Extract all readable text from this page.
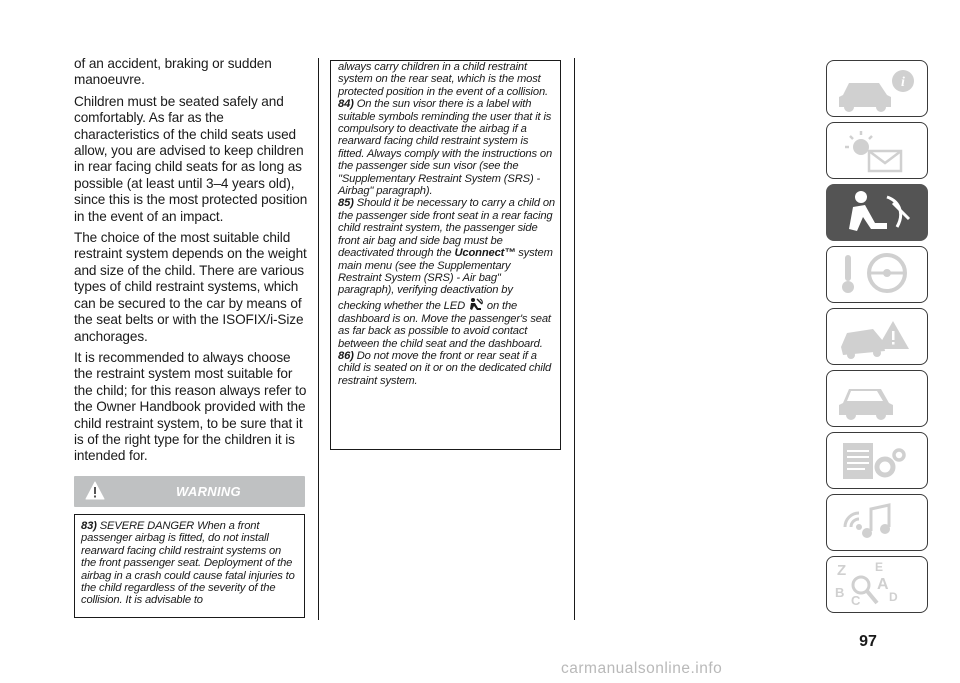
of an accident, braking or sudden manoeuvre.

Children must be seated safely and comfortably. As far as the characteristics of the child seats used allow, you are advised to keep children in rear facing child seats for as long as possible (at least until 3–4 years old), since this is the most protected position in the event of an impact.

The choice of the most suitable child restraint system depends on the weight and size of the child. There are various types of child restraint systems, which can be secured to the car by means of the seat belts or with the ISOFIX/i-Size anchorages.

It is recommended to always choose the restraint system most suitable for the child; for this reason always refer to the Owner Handbook provided with the child restraint system, to be sure that it is of the right type for the children it is intended for.

WARNING

83) SEVERE DANGER When a front passenger airbag is fitted, do not install rearward facing child restraint systems on the front passenger seat. Deployment of the airbag in a crash could cause fatal injuries to the child regardless of the severity of the collision. It is advisable to

always carry children in a child restraint system on the rear seat, which is the most protected position in the event of a collision.

84) On the sun visor there is a label with suitable symbols reminding the user that it is compulsory to deactivate the airbag if a rearward facing child restraint system is fitted. Always comply with the instructions on the passenger side sun visor (see the "Supplementary Restraint System (SRS) - Airbag" paragraph).

85) Should it be necessary to carry a child on the passenger side front seat in a rear facing child restraint system, the passenger side front air bag and side bag must be deactivated through the Uconnect™ system main menu (see the Supplementary Restraint System (SRS) - Air bag" paragraph), verifying deactivation by checking whether the LED  on the dashboard is on. Move the passenger's seat as far back as possible to avoid contact between the child seat and the dashboard.

86) Do not move the front or rear seat if a child is seated on it or on the dedicated child restraint system.

i
Z
B
C
E
A
D
97
carmanualsonline.info
